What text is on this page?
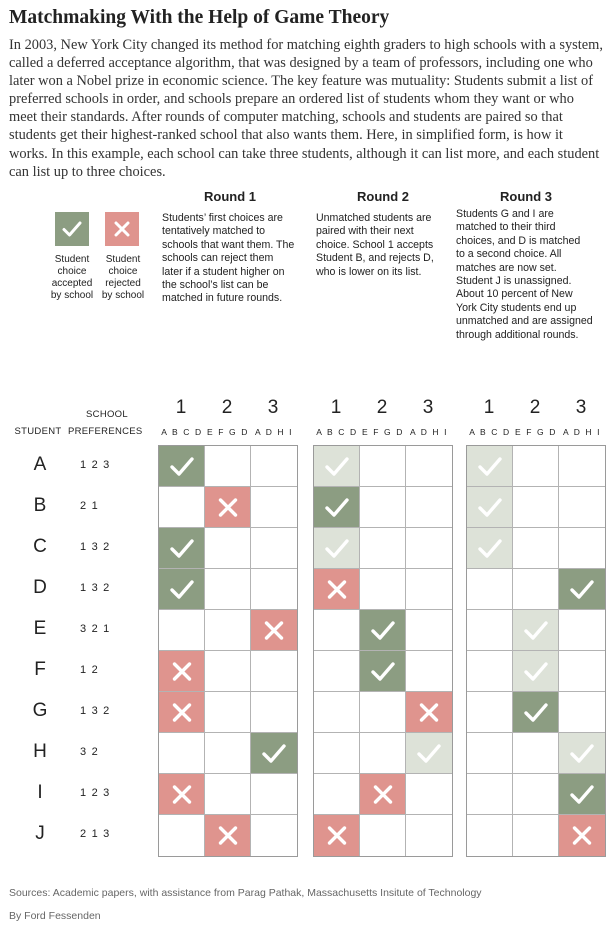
Matchmaking With the Help of Game Theory
In 2003, New York City changed its method for matching eighth graders to high schools with a system, called a deferred acceptance algorithm, that was designed by a team of professors, including one who later won a Nobel prize in economic science. The key feature was mutuality: Students submit a list of preferred schools in order, and schools prepare an ordered list of students whom they want or who meet their standards. After rounds of computer matching, schools and students are paired so that students get their highest-ranked school that also wants them. Here, in simplified form, is how it works. In this example, each school can take three students, although it can list more, and each student can list up to three choices.
Student
choice
accepted
by school
Student
choice
rejected
by school
Round 1	Round 2	Round 3
Students’ first choices are
tentatively matched to
schools that want them. The
schools can reject them
later if a student higher on
the school’s list can be
matched in future rounds.
Unmatched students are
paired with their next
choice. School 1 accepts
Student B, and rejects D,
who is lower on its list.
Students G and I are
matched to their third
choices, and D is matched
to a second choice. All
matches are now set.
Student J is unassigned.
About 10 percent of New
York City students end up
unmatched and are assigned
through additional rounds.
STUDENT
SCHOOL
PREFERENCES
1
A B C D
2
E F G D
3
A D H I
1
A B C D
2
E F G D
3
A D H I
1
A B C D
2
E F G D
3
A D H I
A	1 2 3
B	2 1
C	1 3 2
D	1 3 2
E	3 2 1
F	1 2
G	1 3 2
H	3 2
I	1 2 3
J	2 1 3
Sources: Academic papers, with assistance from Parag Pathak, Massachusetts Insitute of Technology
By Ford Fessenden
